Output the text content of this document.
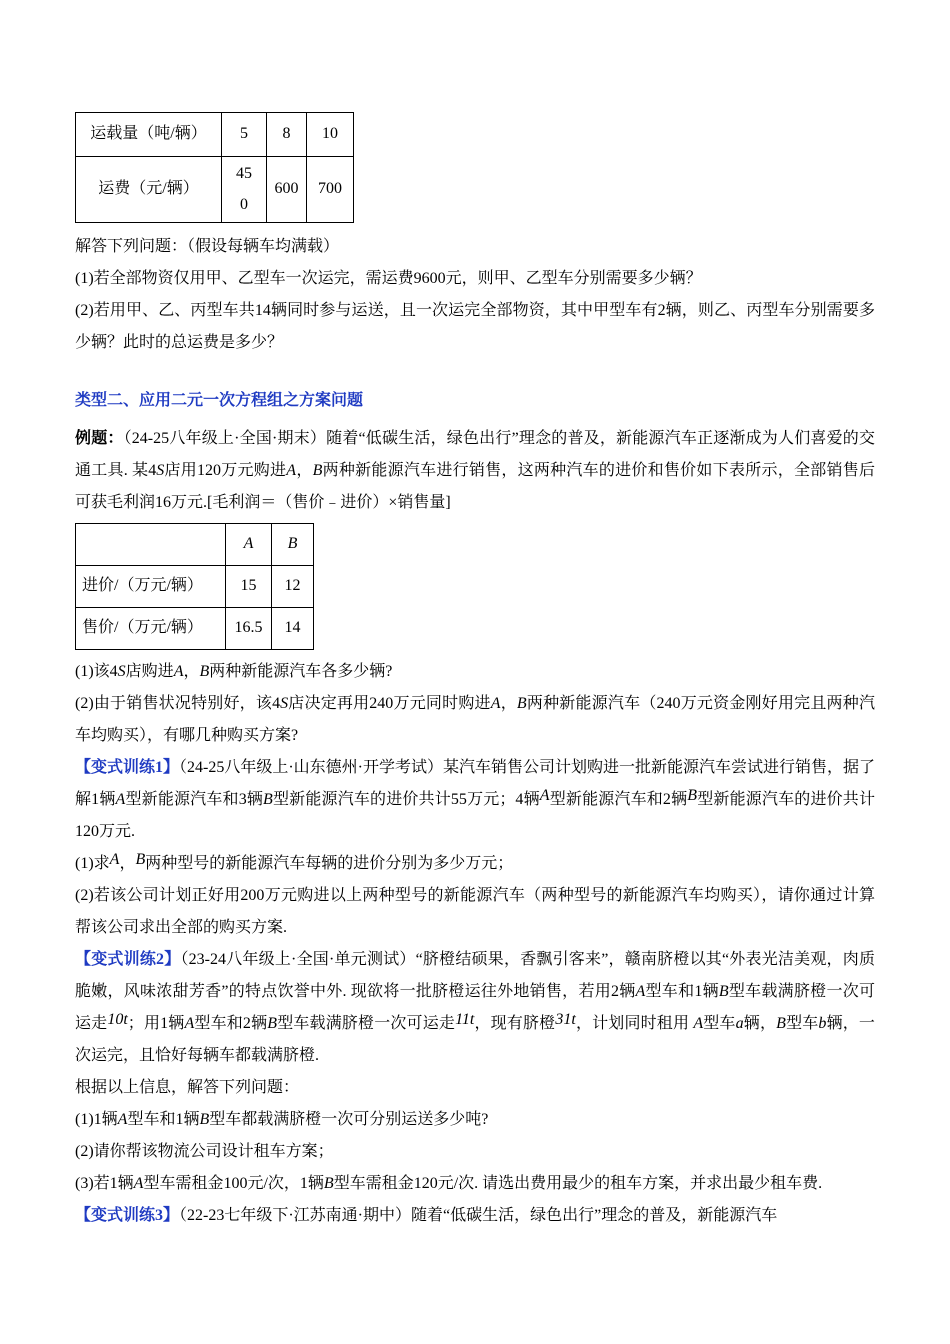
运载量（吨/辆）	5	8	10
运费（元/辆）	450	600	700

解答下列问题：（假设每辆车均满载）

(1)若全部物资仅用甲、乙型车一次运完，需运费9600元，则甲、乙型车分别需要多少辆？

(2)若用甲、乙、丙型车共14辆同时参与运送，且一次运完全部物资，其中甲型车有2辆，则乙、丙型车分别需要多少辆？此时的总运费是多少？

类型二、应用二元一次方程组之方案问题

例题：（24-25八年级上·全国·期末）随着“低碳生活，绿色出行”理念的普及，新能源汽车正逐渐成为人们喜爱的交通工具. 某4S店用120万元购进A，B两种新能源汽车进行销售，这两种汽车的进价和售价如下表所示，全部销售后可获毛利润16万元.[毛利润＝（售价﹣进价）×销售量]

	A	B
进价/（万元/辆）	15	12
售价/（万元/辆）	16.5	14

(1)该4S店购进A，B两种新能源汽车各多少辆?

(2)由于销售状况特别好，该4S店决定再用240万元同时购进A，B两种新能源汽车（240万元资金刚好用完且两种汽车均购买），有哪几种购买方案?

【变式训练1】（24-25八年级上·山东德州·开学考试）某汽车销售公司计划购进一批新能源汽车尝试进行销售，据了解1辆A型新能源汽车和3辆B型新能源汽车的进价共计55万元；4辆A型新能源汽车和2辆B型新能源汽车的进价共计120万元.

(1)求A，B两种型号的新能源汽车每辆的进价分别为多少万元；

(2)若该公司计划正好用200万元购进以上两种型号的新能源汽车（两种型号的新能源汽车均购买），请你通过计算帮该公司求出全部的购买方案.

【变式训练2】（23-24八年级上·全国·单元测试）“脐橙结硕果，香飘引客来”，赣南脐橙以其“外表光洁美观，肉质脆嫩，风味浓甜芳香”的特点饮誉中外. 现欲将一批脐橙运往外地销售，若用2辆A型车和1辆B型车载满脐橙一次可运走10t；用1辆A型车和2辆B型车载满脐橙一次可运走11t，现有脐橙31t，计划同时租用 A型车a辆，B型车b辆，一次运完，且恰好每辆车都载满脐橙.

根据以上信息，解答下列问题：

(1)1辆A型车和1辆B型车都载满脐橙一次可分别运送多少吨?

(2)请你帮该物流公司设计租车方案；

(3)若1辆A型车需租金100元/次，1辆B型车需租金120元/次. 请选出费用最少的租车方案，并求出最少租车费.

【变式训练3】（22-23七年级下·江苏南通·期中）随着“低碳生活，绿色出行”理念的普及，新能源汽车
